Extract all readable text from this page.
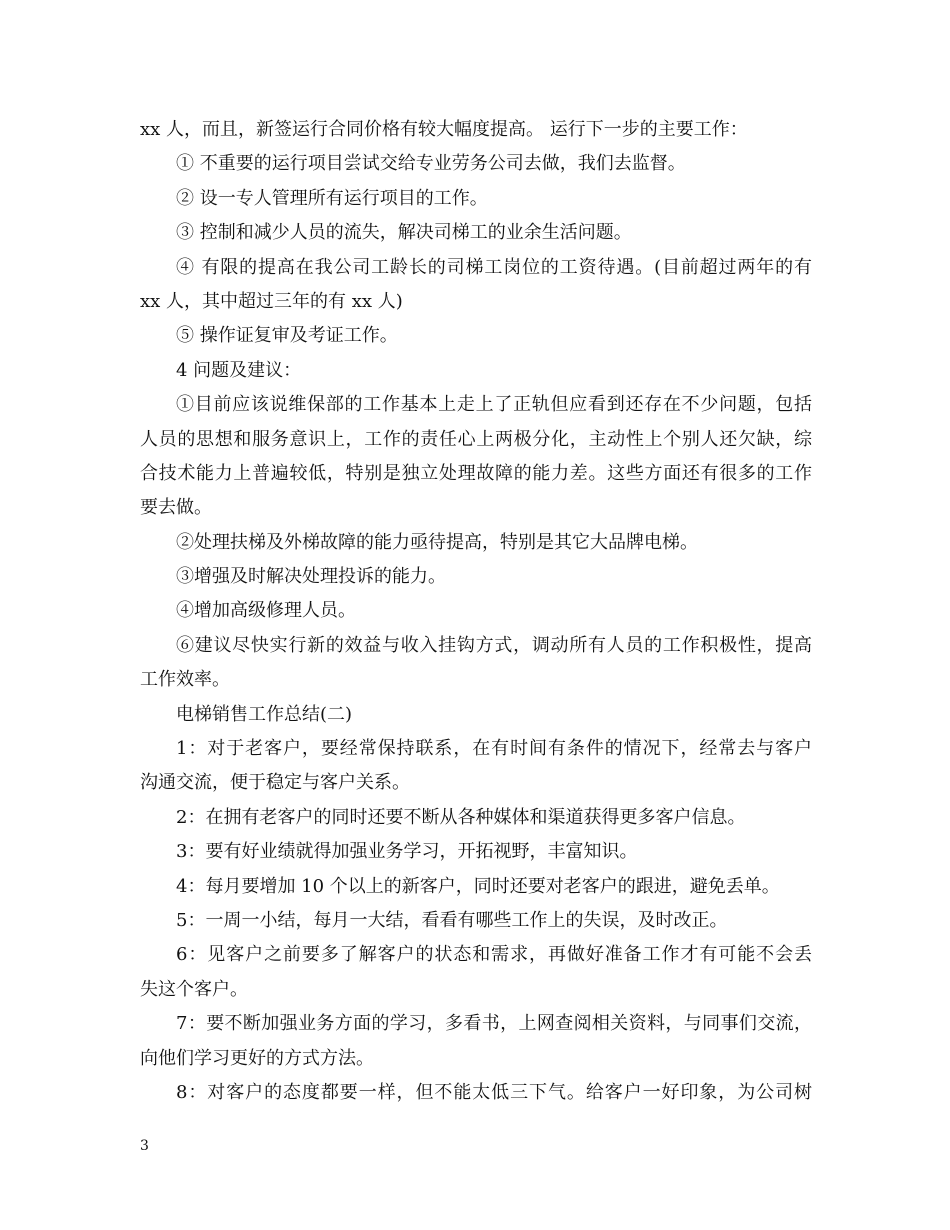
xx 人，而且，新签运行合同价格有较大幅度提高。 运行下一步的主要工作：
① 不重要的运行项目尝试交给专业劳务公司去做，我们去监督。
② 设一专人管理所有运行项目的工作。
③ 控制和减少人员的流失，解决司梯工的业余生活问题。
④ 有限的提高在我公司工龄长的司梯工岗位的工资待遇。(目前超过两年的有
xx 人，其中超过三年的有 xx 人)
⑤ 操作证复审及考证工作。
4 问题及建议：
①目前应该说维保部的工作基本上走上了正轨但应看到还存在不少问题，包括
人员的思想和服务意识上，工作的责任心上两极分化，主动性上个别人还欠缺，综
合技术能力上普遍较低，特别是独立处理故障的能力差。这些方面还有很多的工作
要去做。
②处理扶梯及外梯故障的能力亟待提高，特别是其它大品牌电梯。
③增强及时解决处理投诉的能力。
④增加高级修理人员。
⑥建议尽快实行新的效益与收入挂钩方式，调动所有人员的工作积极性，提高
工作效率。
电梯销售工作总结(二)
1：对于老客户，要经常保持联系，在有时间有条件的情况下，经常去与客户
沟通交流，便于稳定与客户关系。
2：在拥有老客户的同时还要不断从各种媒体和渠道获得更多客户信息。
3：要有好业绩就得加强业务学习，开拓视野，丰富知识。
4：每月要增加 10 个以上的新客户，同时还要对老客户的跟进，避免丢单。
5：一周一小结，每月一大结，看看有哪些工作上的失误，及时改正。
6：见客户之前要多了解客户的状态和需求，再做好准备工作才有可能不会丢
失这个客户。
7：要不断加强业务方面的学习，多看书，上网查阅相关资料，与同事们交流，
向他们学习更好的方式方法。
8：对客户的态度都要一样，但不能太低三下气。给客户一好印象，为公司树
3
